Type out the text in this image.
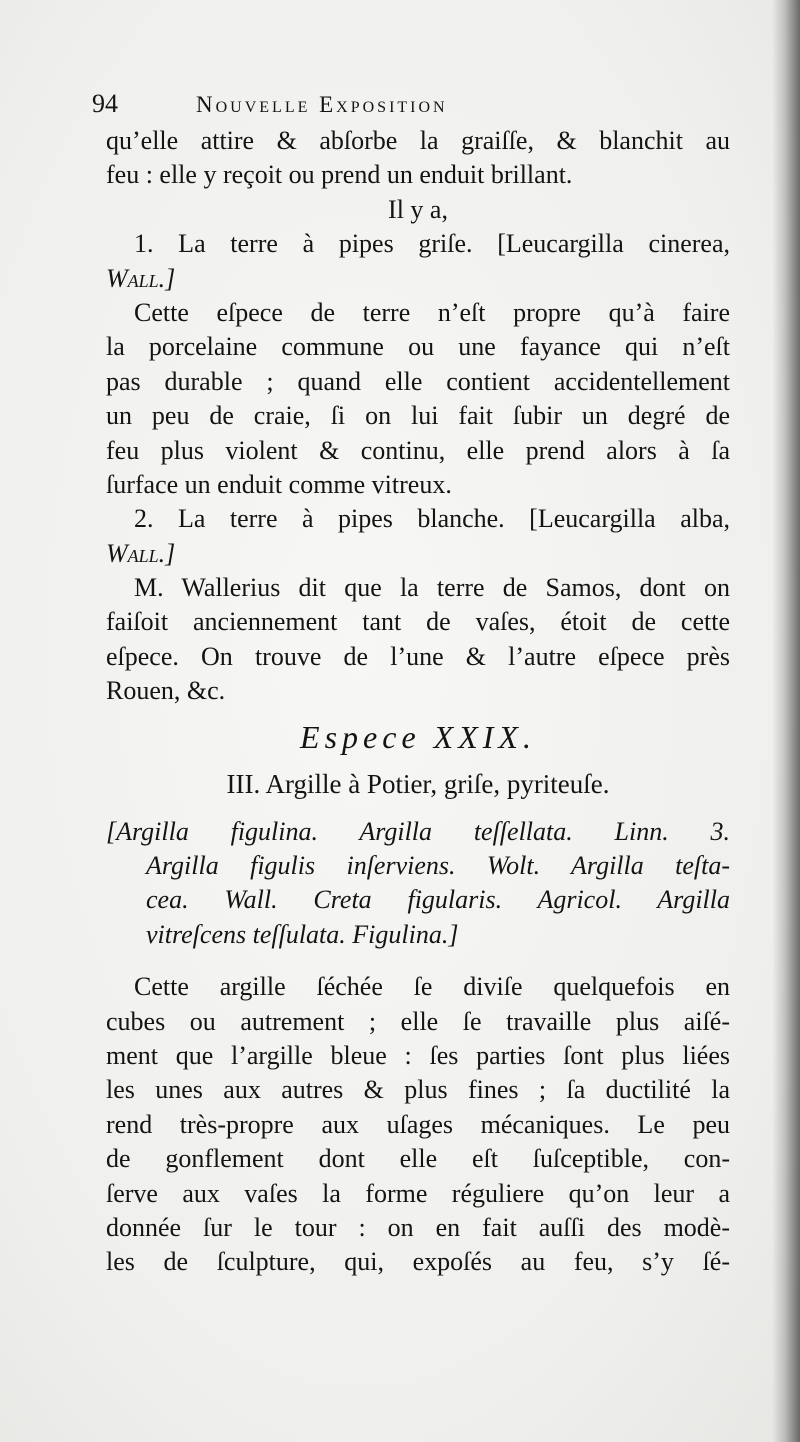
94	Nouvelle Exposition
qu’elle attire & abſorbe la graiſſe, & blanchit au
feu : elle y reçoit ou prend un enduit brillant.
Il y a,
1. La terre à pipes griſe. [Leucargilla cinerea,
Wall.]
Cette eſpece de terre n’eſt propre qu’à faire
la porcelaine commune ou une fayance qui n’eſt
pas durable ; quand elle contient accidentellement
un peu de craie, ſi on lui fait ſubir un degré de
feu plus violent & continu, elle prend alors à ſa
ſurface un enduit comme vitreux.
2. La terre à pipes blanche. [Leucargilla alba,
Wall.]
M. Wallerius dit que la terre de Samos, dont on
faiſoit anciennement tant de vaſes, étoit de cette
eſpece. On trouve de l’une & l’autre eſpece près
Rouen, &c.
Espece XXIX.
III. Argille à Potier, griſe, pyriteuſe.
[Argilla figulina. Argilla teſſellata. Linn. 3.
Argilla figulis inſerviens. Wolt. Argilla teſta-
cea. Wall. Creta figularis. Agricol. Argilla
vitreſcens teſſulata. Figulina.]
Cette argille ſéchée ſe diviſe quelquefois en
cubes ou autrement ; elle ſe travaille plus aiſé-
ment que l’argille bleue : ſes parties ſont plus liées
les unes aux autres & plus fines ; ſa ductilité la
rend très-propre aux uſages mécaniques. Le peu
de gonflement dont elle eſt ſuſceptible, con-
ſerve aux vaſes la forme réguliere qu’on leur a
donnée ſur le tour : on en fait auſſi des modè-
les de ſculpture, qui, expoſés au feu, s’y ſé-
